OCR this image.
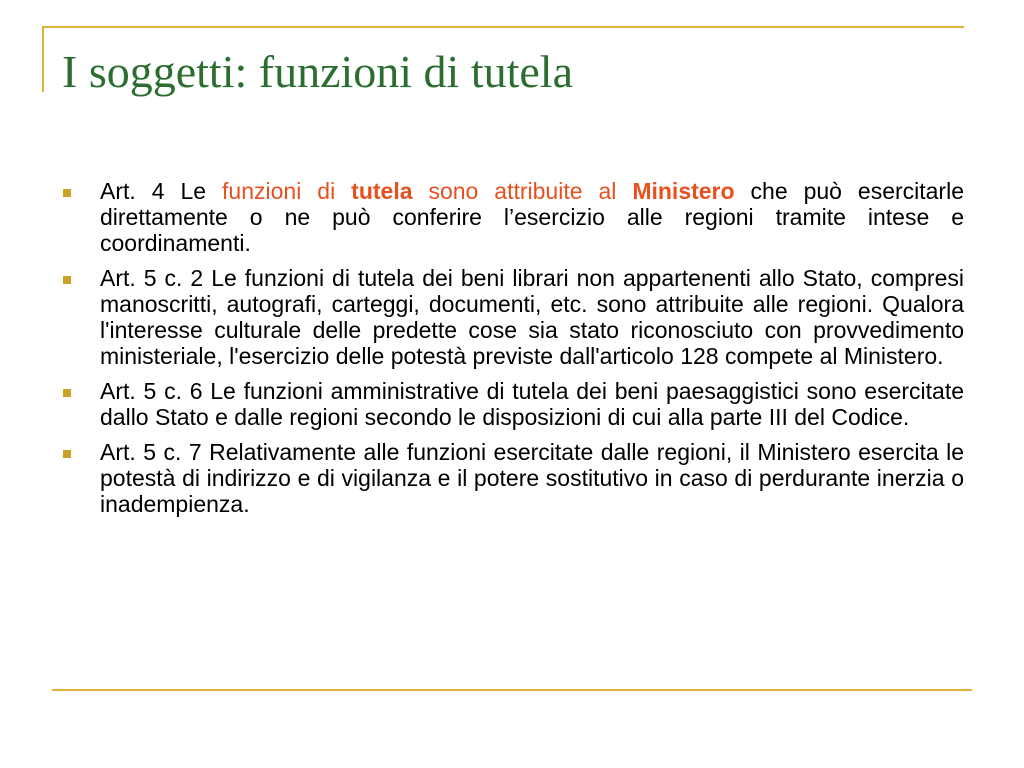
I soggetti: funzioni di tutela

Art. 4 Le funzioni di tutela sono attribuite al Ministero che può esercitarle direttamente o ne può conferire l’esercizio alle regioni tramite intese e coordinamenti.

Art. 5 c. 2 Le funzioni di tutela dei beni librari non appartenenti allo Stato, compresi manoscritti, autografi, carteggi, documenti, etc. sono attribuite alle regioni. Qualora l'interesse culturale delle predette cose sia stato riconosciuto con provvedimento ministeriale, l'esercizio delle potestà previste dall'articolo 128 compete al Ministero.

Art. 5 c. 6 Le funzioni amministrative di tutela dei beni paesaggistici sono esercitate dallo Stato e dalle regioni secondo le disposizioni di cui alla parte III del Codice.

Art. 5 c. 7 Relativamente alle funzioni esercitate dalle regioni, il Ministero esercita le potestà di indirizzo e di vigilanza e il potere sostitutivo in caso di perdurante inerzia o inadempienza.
